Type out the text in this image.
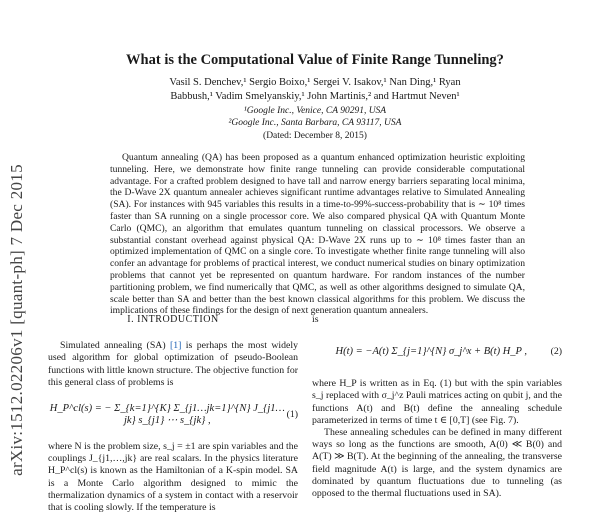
arXiv:1512.02206v1 [quant-ph] 7 Dec 2015
What is the Computational Value of Finite Range Tunneling?
Vasil S. Denchev,¹ Sergio Boixo,¹ Sergei V. Isakov,¹ Nan Ding,¹ Ryan
Babbush,¹ Vadim Smelyanskiy,¹ John Martinis,² and Hartmut Neven¹
¹Google Inc., Venice, CA 90291, USA
²Google Inc., Santa Barbara, CA 93117, USA
(Dated: December 8, 2015)

Quantum annealing (QA) has been proposed as a quantum enhanced optimization heuristic exploiting tunneling. Here, we demonstrate how finite range tunneling can provide considerable computational advantage. For a crafted problem designed to have tall and narrow energy barriers separating local minima, the D-Wave 2X quantum annealer achieves significant runtime advantages relative to Simulated Annealing (SA). For instances with 945 variables this results in a time-to-99%-success-probability that is ∼ 10⁸ times faster than SA running on a single processor core. We also compared physical QA with Quantum Monte Carlo (QMC), an algorithm that emulates quantum tunneling on classical processors. We observe a substantial constant overhead against physical QA: D-Wave 2X runs up to ∼ 10⁸ times faster than an optimized implementation of QMC on a single core. To investigate whether finite range tunneling will also confer an advantage for problems of practical interest, we conduct numerical studies on binary optimization problems that cannot yet be represented on quantum hardware. For random instances of the number partitioning problem, we find numerically that QMC, as well as other algorithms designed to simulate QA, scale better than SA and better than the best known classical algorithms for this problem. We discuss the implications of these findings for the design of next generation quantum annealers.

I. INTRODUCTION

Simulated annealing (SA) [1] is perhaps the most widely used algorithm for global optimization of pseudo-Boolean functions with little known structure. The objective function for this general class of problems is

H_P^cl(s) = − Σ_{k=1}^{K} Σ_{j1…jk=1}^{N} J_{j1…jk} s_{j1} ⋯ s_{jk} ,
(1)

where N is the problem size, s_j = ±1 are spin variables and the couplings J_{j1,…,jk} are real scalars. In the physics literature H_P^cl(s) is known as the Hamiltonian of a K-spin model. SA is a Monte Carlo algorithm designed to mimic the thermalization dynamics of a system in contact with a reservoir that is cooling slowly. If the temperature is

is

H(t) = −A(t) Σ_{j=1}^{N} σ_j^x + B(t) H_P ,	(2)

where H_P is written as in Eq. (1) but with the spin variables s_j replaced with σ_j^z Pauli matrices acting on qubit j, and the functions A(t) and B(t) define the annealing schedule parameterized in terms of time t ∈ [0,T] (see Fig. 7).

These annealing schedules can be defined in many different ways so long as the functions are smooth, A(0) ≪ B(0) and A(T) ≫ B(T). At the beginning of the annealing, the transverse field magnitude A(t) is large, and the system dynamics are dominated by quantum fluctuations due to tunneling (as opposed to the thermal fluctuations used in SA).
